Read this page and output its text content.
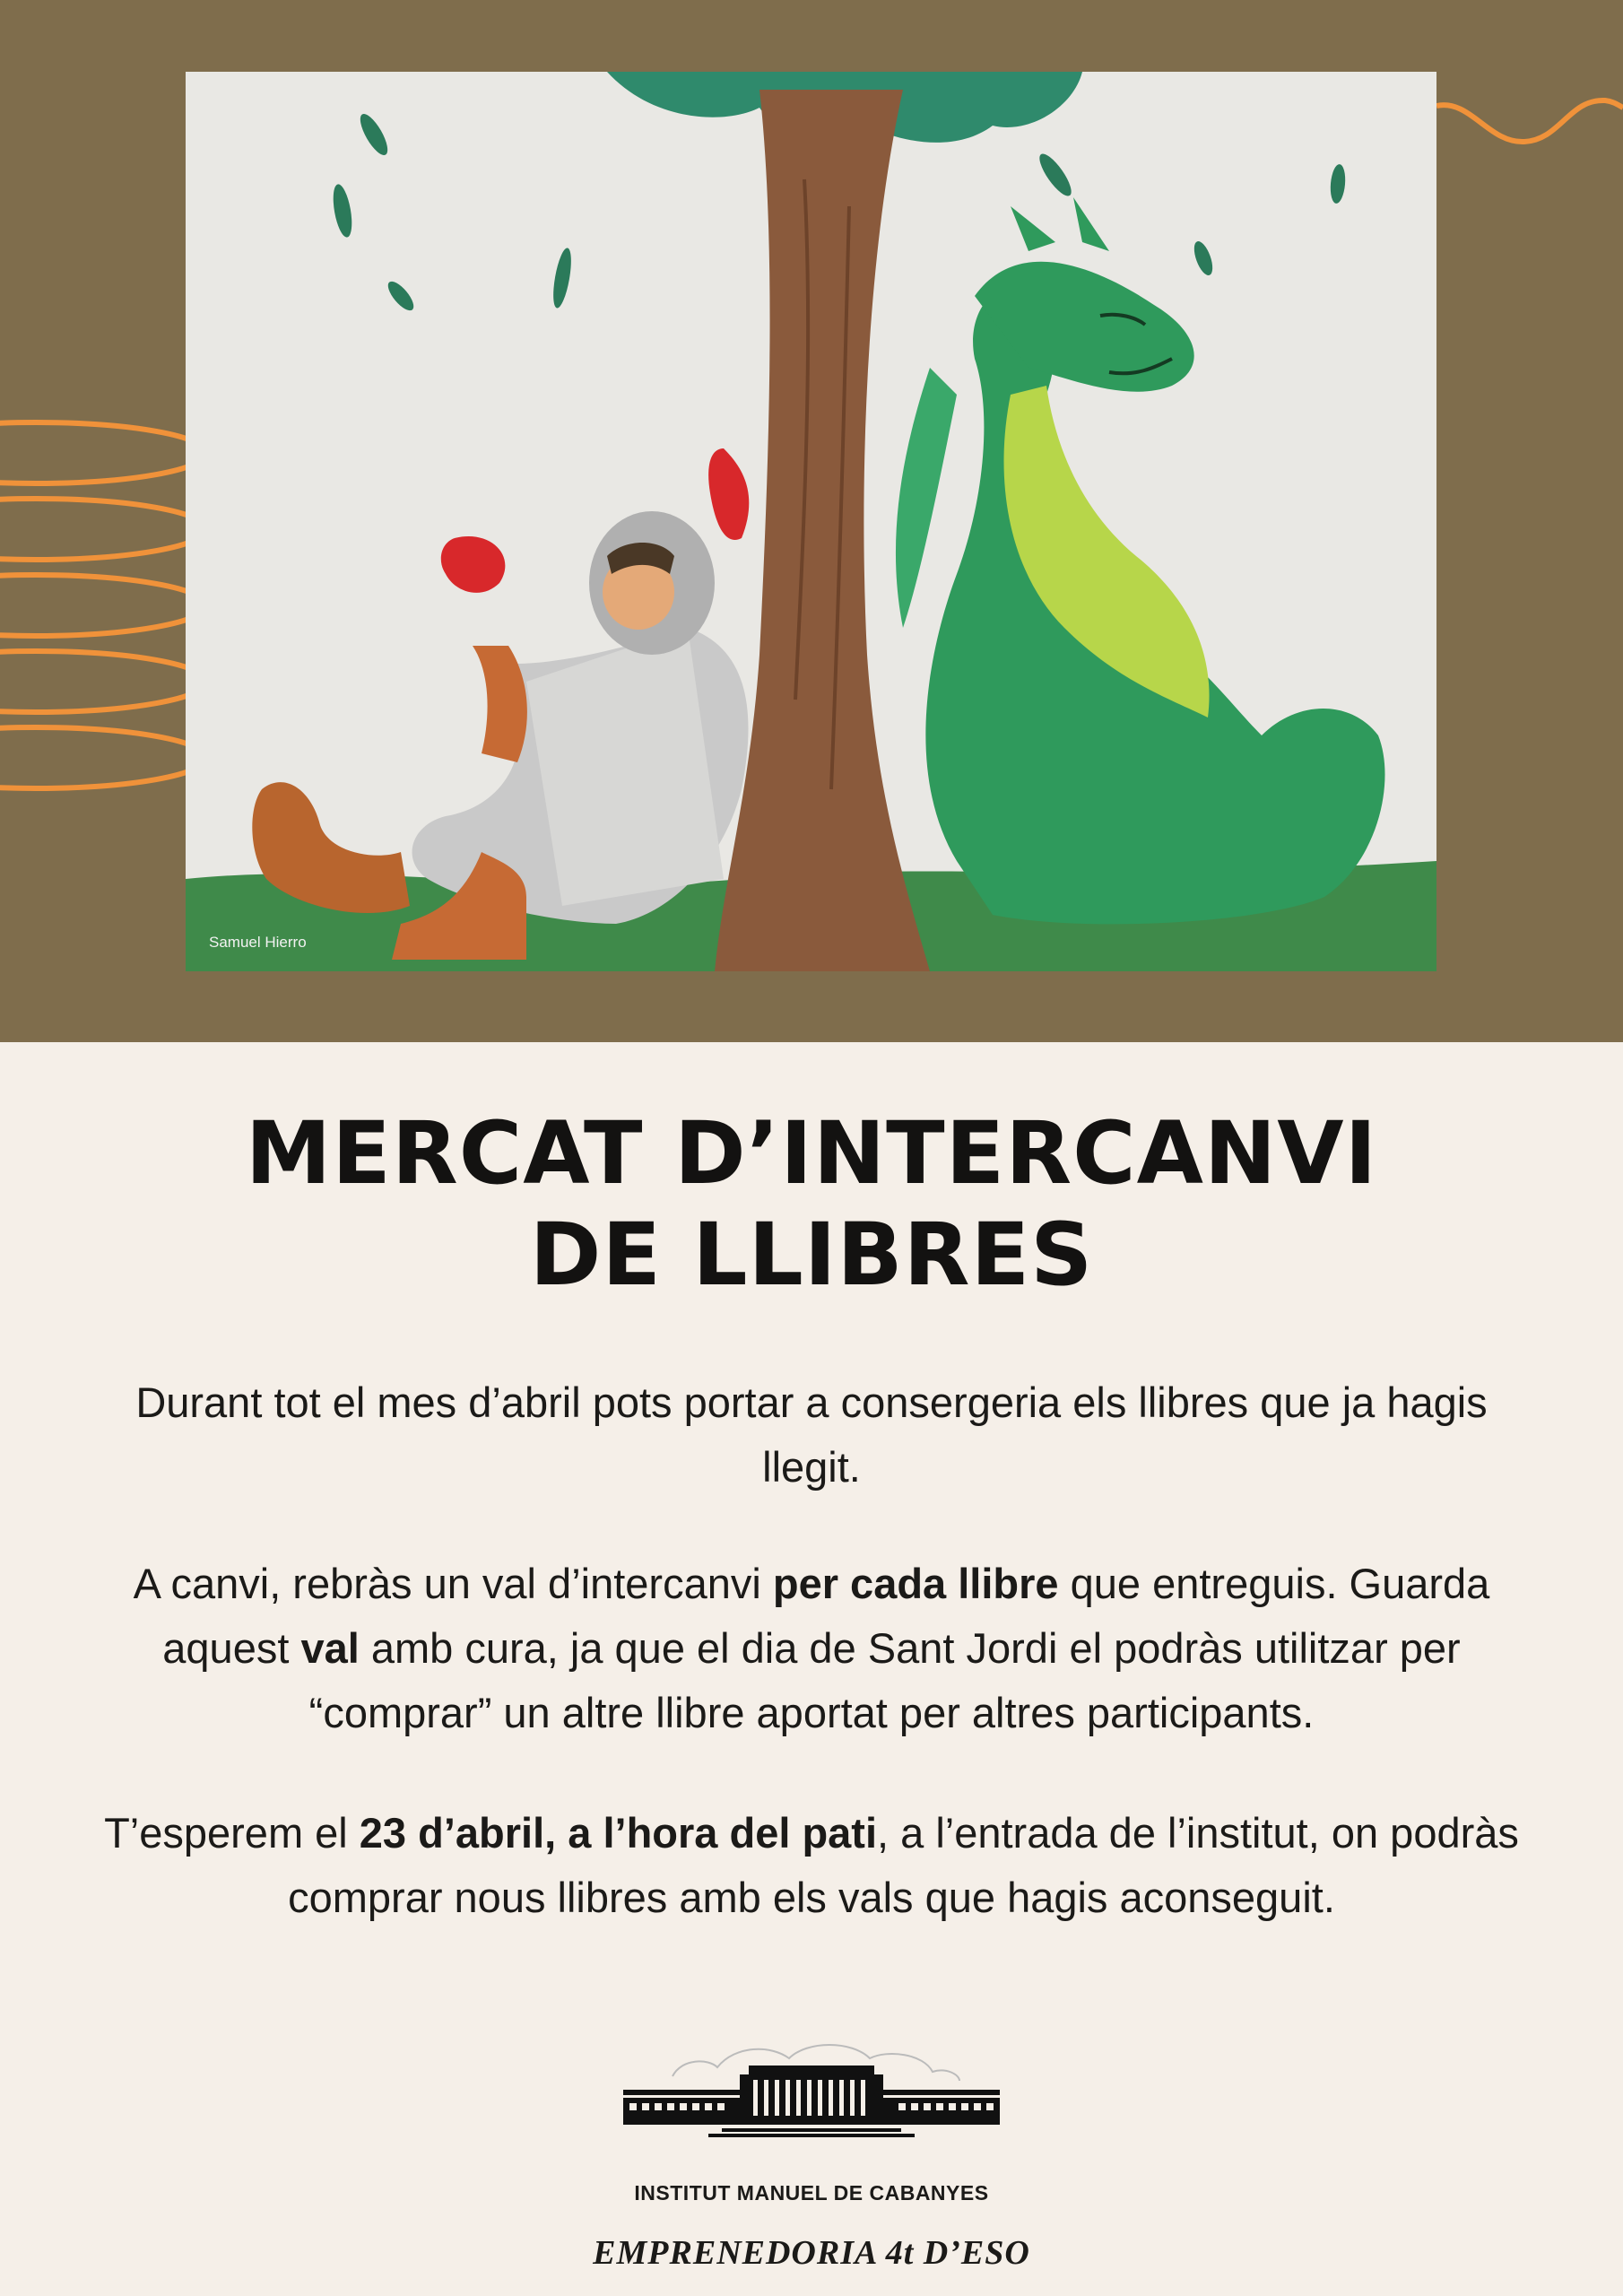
Samuel Hierro
MERCAT D’INTERCANVI
DE LLIBRES
Durant tot el mes d’abril pots portar a consergeria els llibres que ja hagis llegit.
A canvi, rebràs un val d’intercanvi per cada llibre que entreguis. Guarda aquest val amb cura, ja que el dia de Sant Jordi el podràs utilitzar per “comprar” un altre llibre aportat per altres participants.
T’esperem el 23 d’abril, a l’hora del pati, a l’entrada de l’institut, on podràs comprar nous llibres amb els vals que hagis aconseguit.
INSTITUT MANUEL DE CABANYES
EMPRENEDORIA 4t D’ESO
